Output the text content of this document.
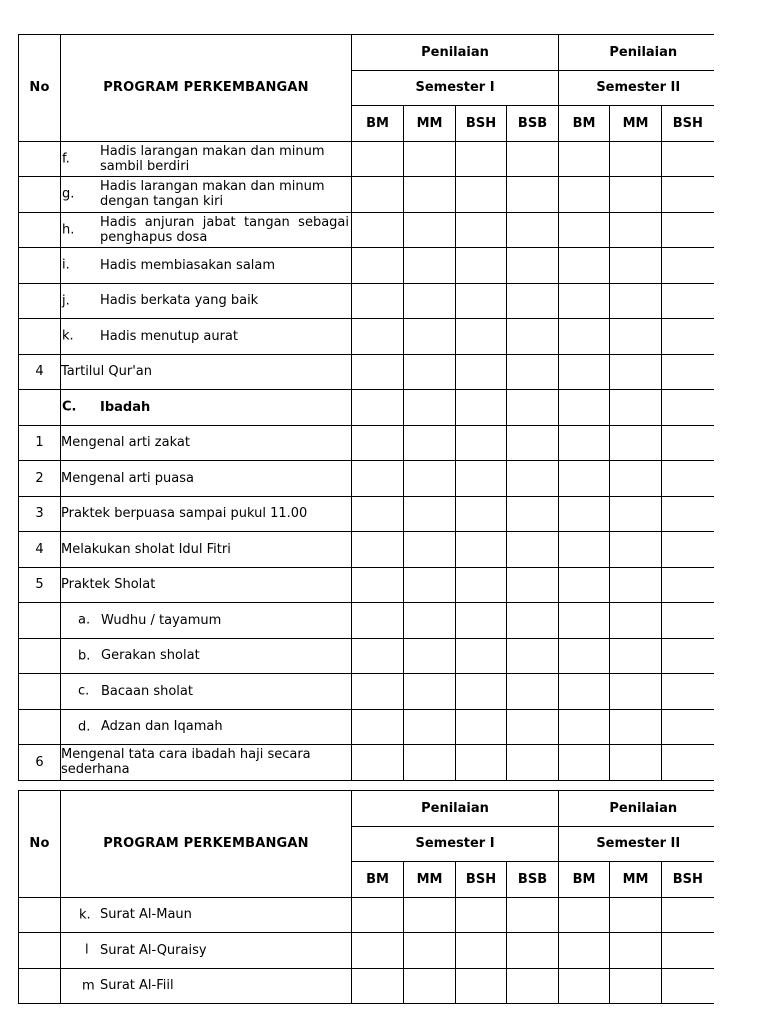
No	PROGRAM PERKEMBANGAN	Penilaian				Penilaian		
		Semester I				Semester II		
		BM	MM	BSH	BSB	BM	MM	BSH

	f. Hadis larangan makan dan minum sambil berdiri							

	g. Hadis larangan makan dan minum dengan tangan kiri							

	h. Hadis anjuran jabat tangan sebagai penghapus dosa							

	i. Hadis membiasakan salam							

	j. Hadis berkata yang baik							

	k. Hadis menutup aurat							

4	Tartilul Qur'an							

	C. Ibadah							

1	Mengenal arti zakat							
2	Mengenal arti puasa							
3	Praktek berpuasa sampai pukul 11.00							
4	Melakukan sholat Idul Fitri							
5	Praktek Sholat							

	a. Wudhu / tayamum							

	b. Gerakan sholat							

	c. Bacaan sholat							

	d. Adzan dan Iqamah							

6	Mengenal tata cara ibadah haji secara sederhana							
No	PROGRAM PERKEMBANGAN	Penilaian				Penilaian		
		Semester I				Semester II		
		BM	MM	BSH	BSB	BM	MM	BSH

	k. Surat Al-Maun							

	l Surat Al-Quraisy							

	m Surat Al-Fiil							
